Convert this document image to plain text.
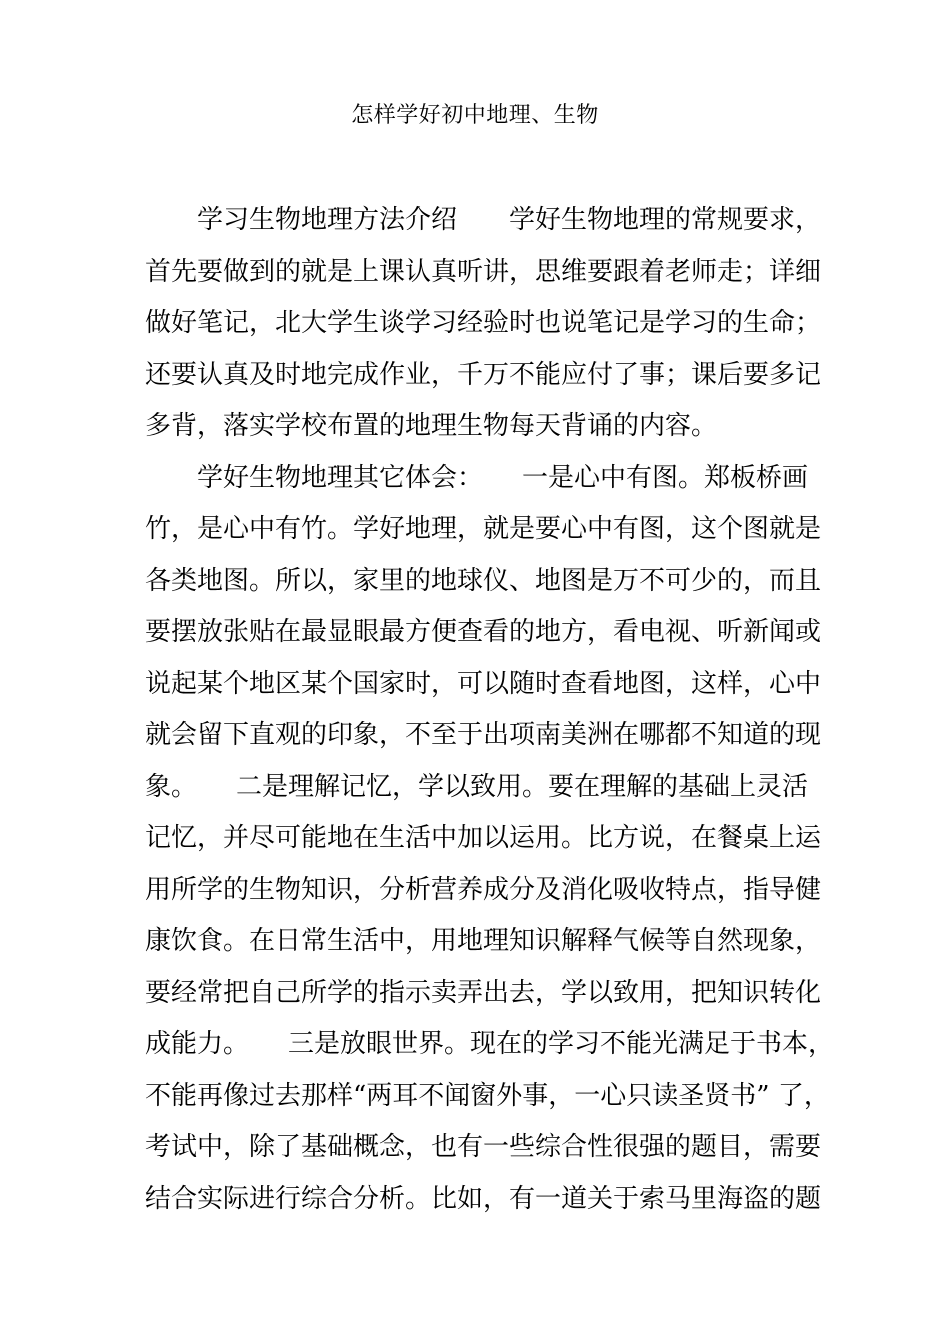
怎样学好初中地理、生物
　　学习生物地理方法介绍　　学好生物地理的常规要求，
首先要做到的就是上课认真听讲，思维要跟着老师走；详细
做好笔记，北大学生谈学习经验时也说笔记是学习的生命；
还要认真及时地完成作业，千万不能应付了事；课后要多记
多背，落实学校布置的地理生物每天背诵的内容。
　　学好生物地理其它体会：　　一是心中有图。郑板桥画
竹，是心中有竹。学好地理，就是要心中有图，这个图就是
各类地图。所以，家里的地球仪、地图是万不可少的，而且
要摆放张贴在最显眼最方便查看的地方，看电视、听新闻或
说起某个地区某个国家时，可以随时查看地图，这样，心中
就会留下直观的印象，不至于出项南美洲在哪都不知道的现
象。　　二是理解记忆，学以致用。要在理解的基础上灵活
记忆，并尽可能地在生活中加以运用。比方说，在餐桌上运
用所学的生物知识，分析营养成分及消化吸收特点，指导健
康饮食。在日常生活中，用地理知识解释气候等自然现象，
要经常把自己所学的指示卖弄出去，学以致用，把知识转化
成能力。　　三是放眼世界。现在的学习不能光满足于书本，
不能再像过去那样“两耳不闻窗外事，一心只读圣贤书” 了，
考试中，除了基础概念，也有一些综合性很强的题目，需要
结合实际进行综合分析。比如，有一道关于索马里海盗的题
